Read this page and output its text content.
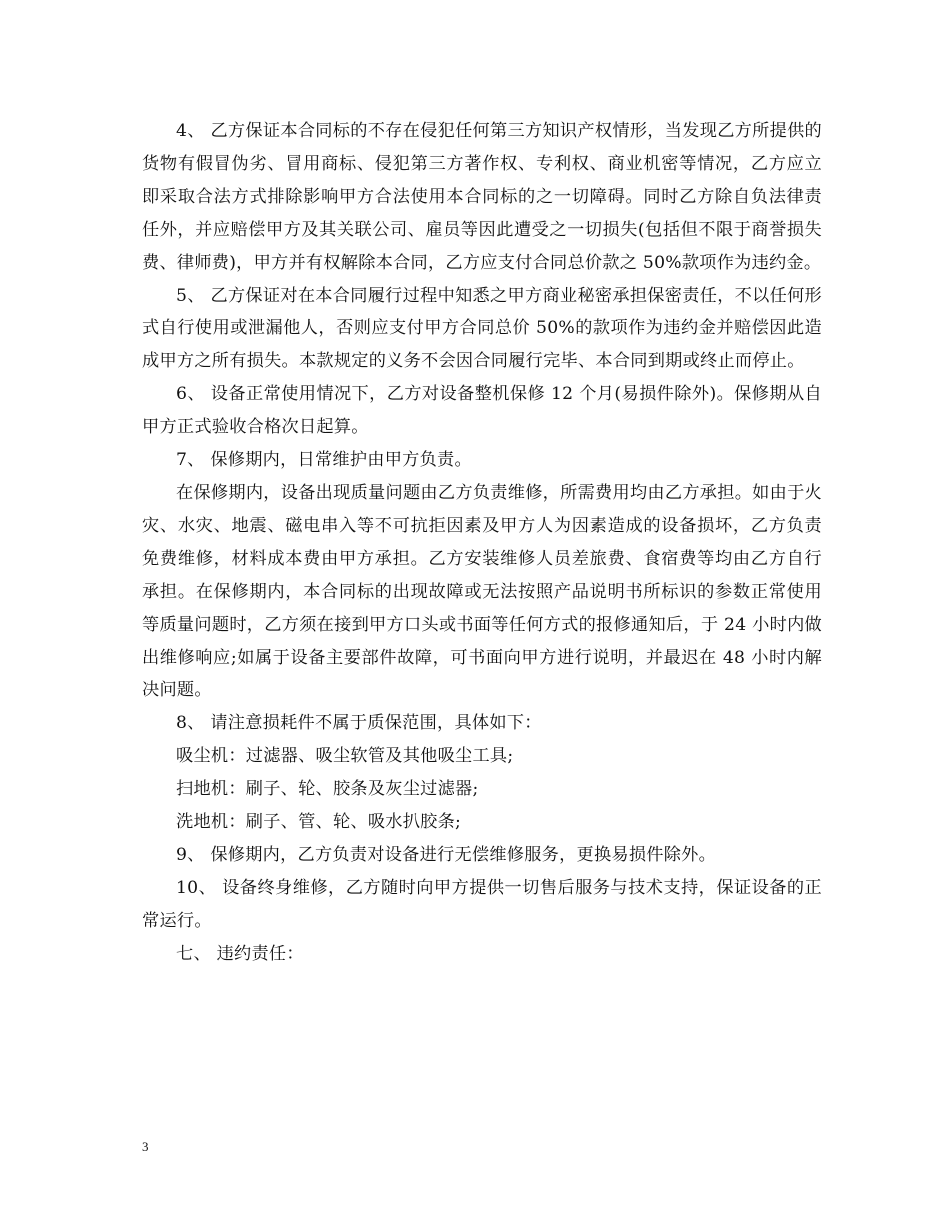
4、 乙方保证本合同标的不存在侵犯任何第三方知识产权情形，当发现乙方所提供的货物有假冒伪劣、冒用商标、侵犯第三方著作权、专利权、商业机密等情况，乙方应立即采取合法方式排除影响甲方合法使用本合同标的之一切障碍。同时乙方除自负法律责任外，并应赔偿甲方及其关联公司、雇员等因此遭受之一切损失(包括但不限于商誉损失费、律师费)，甲方并有权解除本合同，乙方应支付合同总价款之 50%款项作为违约金。

5、 乙方保证对在本合同履行过程中知悉之甲方商业秘密承担保密责任，不以任何形式自行使用或泄漏他人，否则应支付甲方合同总价 50%的款项作为违约金并赔偿因此造成甲方之所有损失。本款规定的义务不会因合同履行完毕、本合同到期或终止而停止。

6、 设备正常使用情况下，乙方对设备整机保修 12 个月(易损件除外)。保修期从自甲方正式验收合格次日起算。

7、 保修期内，日常维护由甲方负责。

在保修期内，设备出现质量问题由乙方负责维修，所需费用均由乙方承担。如由于火灾、水灾、地震、磁电串入等不可抗拒因素及甲方人为因素造成的设备损坏，乙方负责免费维修，材料成本费由甲方承担。乙方安装维修人员差旅费、食宿费等均由乙方自行承担。在保修期内，本合同标的出现故障或无法按照产品说明书所标识的参数正常使用等质量问题时，乙方须在接到甲方口头或书面等任何方式的报修通知后，于 24 小时内做出维修响应;如属于设备主要部件故障，可书面向甲方进行说明，并最迟在 48 小时内解决问题。

8、 请注意损耗件不属于质保范围，具体如下：

吸尘机：过滤器、吸尘软管及其他吸尘工具;

扫地机：刷子、轮、胶条及灰尘过滤器;

洗地机：刷子、管、轮、吸水扒胶条;

9、 保修期内，乙方负责对设备进行无偿维修服务，更换易损件除外。

10、 设备终身维修，乙方随时向甲方提供一切售后服务与技术支持，保证设备的正常运行。

七、 违约责任：

3
